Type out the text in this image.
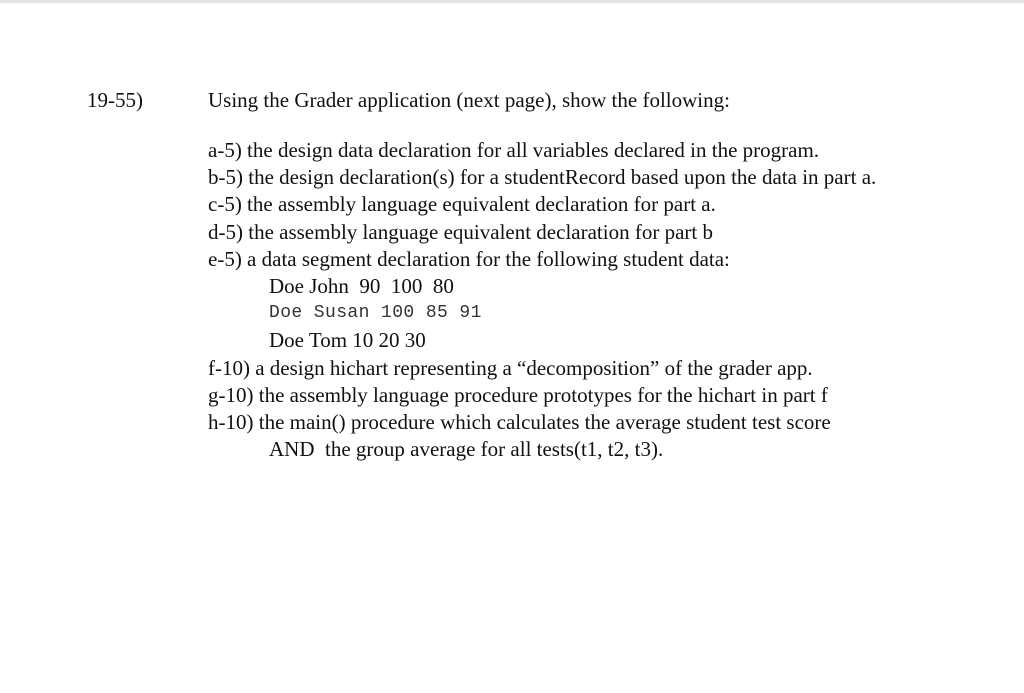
19-55)	Using the Grader application (next page), show the following:
a-5) the design data declaration for all variables declared in the program.
b-5) the design declaration(s) for a studentRecord based upon the data in part a.
c-5) the assembly language equivalent declaration for part a.
d-5) the assembly language equivalent declaration for part b
e-5) a data segment declaration for the following student data:
Doe John  90  100  80
Doe Susan 100 85 91
Doe Tom 10 20 30
f-10) a design hichart representing a “decomposition” of the grader app.
g-10) the assembly language procedure prototypes for the hichart in part f
h-10) the main() procedure which calculates the average student test score
AND  the group average for all tests(t1, t2, t3).
